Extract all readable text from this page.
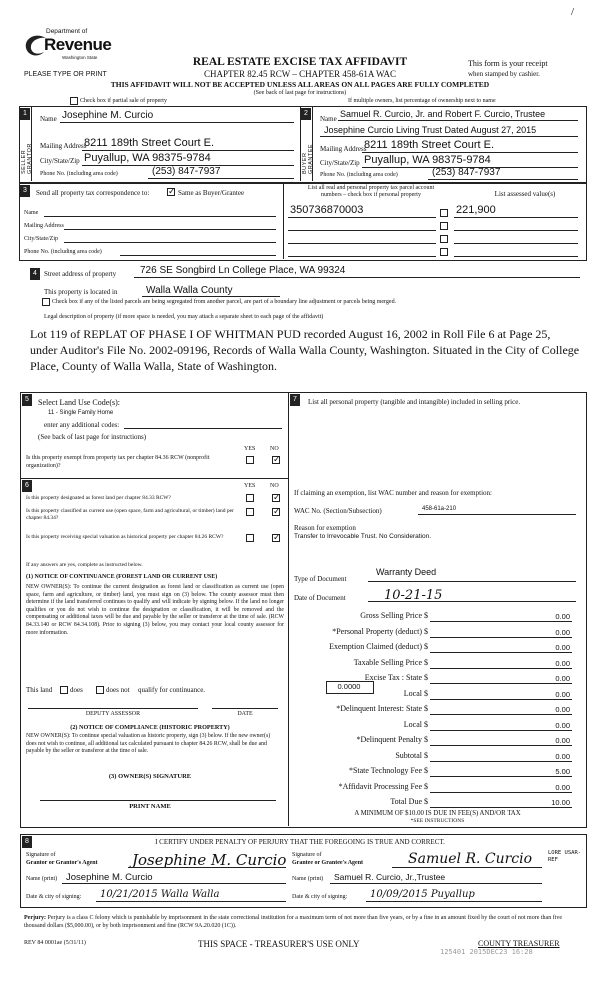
/
Department of
Revenue
Washington State
PLEASE TYPE OR PRINT
REAL ESTATE EXCISE TAX AFFIDAVIT
CHAPTER 82.45 RCW – CHAPTER 458-61A WAC
THIS AFFIDAVIT WILL NOT BE ACCEPTED UNLESS ALL AREAS ON ALL PAGES ARE FULLY COMPLETED
(See back of last page for instructions)
This form is your receipt
when stamped by cashier.
Check box if partial sale of property	If multiple owners, list percentage of ownership next to name
1
SELLER GRANTOR
Name Josephine M. Curcio
Mailing Address
8211 189th Street Court E.
City/State/Zip Puyallup, WA 98375-9784
Phone No. (including area code)	(253) 847-7937
2
BUYER GRANTEE
Name Samuel R. Curcio, Jr. and Robert F. Curcio, Trustee
Josephine Curcio Living Trust Dated August 27, 2015
Mailing Address
8211 189th Street Court E.
City/State/Zip Puyallup, WA 98375-9784
Phone No. (including area code)	(253) 847-7937
3	Send all property tax correspondence to:
✓	Same as Buyer/Grantee
Name
Mailing Address
City/State/Zip
Phone No. (including area code)
List all real and personal property tax parcel account
numbers – check box if personal property	List assessed value(s)
350736870003	221,900
4	Street address of property 726 SE Songbird Ln College Place, WA 99324
This property is located in	Walla Walla County
Check box if any of the listed parcels are being segregated from another parcel, are part of a boundary line adjustment or parcels being merged.
Legal description of property (if more space is needed, you may attach a separate sheet to each page of the affidavit)
Lot 119 of REPLAT OF PHASE I OF WHITMAN PUD recorded August 16, 2002 in Roll File 6 at Page 25, under Auditor's File No. 2002-09196, Records of Walla Walla County, Washington. Situated in the City of College Place, County of Walla Walla, State of Washington.
5	Select Land Use Code(s):
11 - Single Family Home
enter any additional codes:
(See back of last page for instructions)
YES NO
Is this property exempt from property tax per chapter 84.36 RCW (nonprofit organization)?
✓
6	YES NO
Is this property designated as forest land per chapter 84.33 RCW?
✓
Is this property classified as current use (open space, farm and agricultural, or timber) land per chapter 84.34?
✓
Is this property receiving special valuation as historical property per chapter 84.26 RCW?
✓
If any answers are yes, complete as instructed below.
(1) NOTICE OF CONTINUANCE (FOREST LAND OR CURRENT USE)
NEW OWNER(S): To continue the current designation as forest land or classification as current use (open space, farm and agriculture, or timber) land, you must sign on (3) below. The county assessor must then determine if the land transferred continues to qualify and will indicate by signing below. If the land no longer qualifies or you do not wish to continue the designation or classification, it will be removed and the compensating or additional taxes will be due and payable by the seller or transferor at the time of sale. (RCW 84.33.140 or RCW 84.34.108). Prior to signing (3) below, you may contact your local county assessor for more information.
This land	does	does not qualify for continuance.
DEPUTY ASSESSOR	DATE
(2) NOTICE OF COMPLIANCE (HISTORIC PROPERTY)
NEW OWNER(S): To continue special valuation as historic property, sign (3) below. If the new owner(s) does not wish to continue, all additional tax calculated pursuant to chapter 84.26 RCW, shall be due and payable by the seller or transferor at the time of sale.
(3) OWNER(S) SIGNATURE
PRINT NAME
7	List all personal property (tangible and intangible) included in selling price.
If claiming an exemption, list WAC number and reason for exemption:
WAC No. (Section/Subsection)	458-61a-210
Reason for exemption
Transfer to Irrevocable Trust. No Consideration.
Type of Document
Warranty Deed
Date of Document	10-21-15
Gross Selling Price $	0.00
*Personal Property (deduct) $	0.00
Exemption Claimed (deduct) $	0.00
Taxable Selling Price $	0.00
Excise Tax : State $	0.00
Local $	0.00
*Delinquent Interest: State $	0.00
Local $	0.00
*Delinquent Penalty $	0.00
Subtotal $	0.00
*State Technology Fee $	5.00
*Affidavit Processing Fee $	0.00
Total Due $	10.00
0.0000
A MINIMUM OF $10.00 IS DUE IN FEE(S) AND/OR TAX
*SEE INSTRUCTIONS
8	I CERTIFY UNDER PENALTY OF PERJURY THAT THE FOREGOING IS TRUE AND CORRECT.
Signature of
Grantor or Grantor's Agent Josephine M. Curcio
Name (print) Josephine M. Curcio
Date & city of signing: 10/21/2015 Walla Walla
Signature of
Grantee or Grantee's Agent	Samuel R. Curcio	LORE USAR-REF
Name (print) Samuel R. Curcio, Jr.,Trustee
Date & city of signing: 10/09/2015 Puyallup
Perjury: Perjury is a class C felony which is punishable by imprisonment in the state correctional institution for a maximum term of not more than five years, or by a fine in an amount fixed by the court of not more than five thousand dollars ($5,000.00), or by both imprisonment and fine (RCW 9A.20.020 (1C)).
REV 84 0001ae (5/31/11)	THIS SPACE - TREASURER'S USE ONLY	COUNTY TREASURER
125401 2015DEC23 16:28
